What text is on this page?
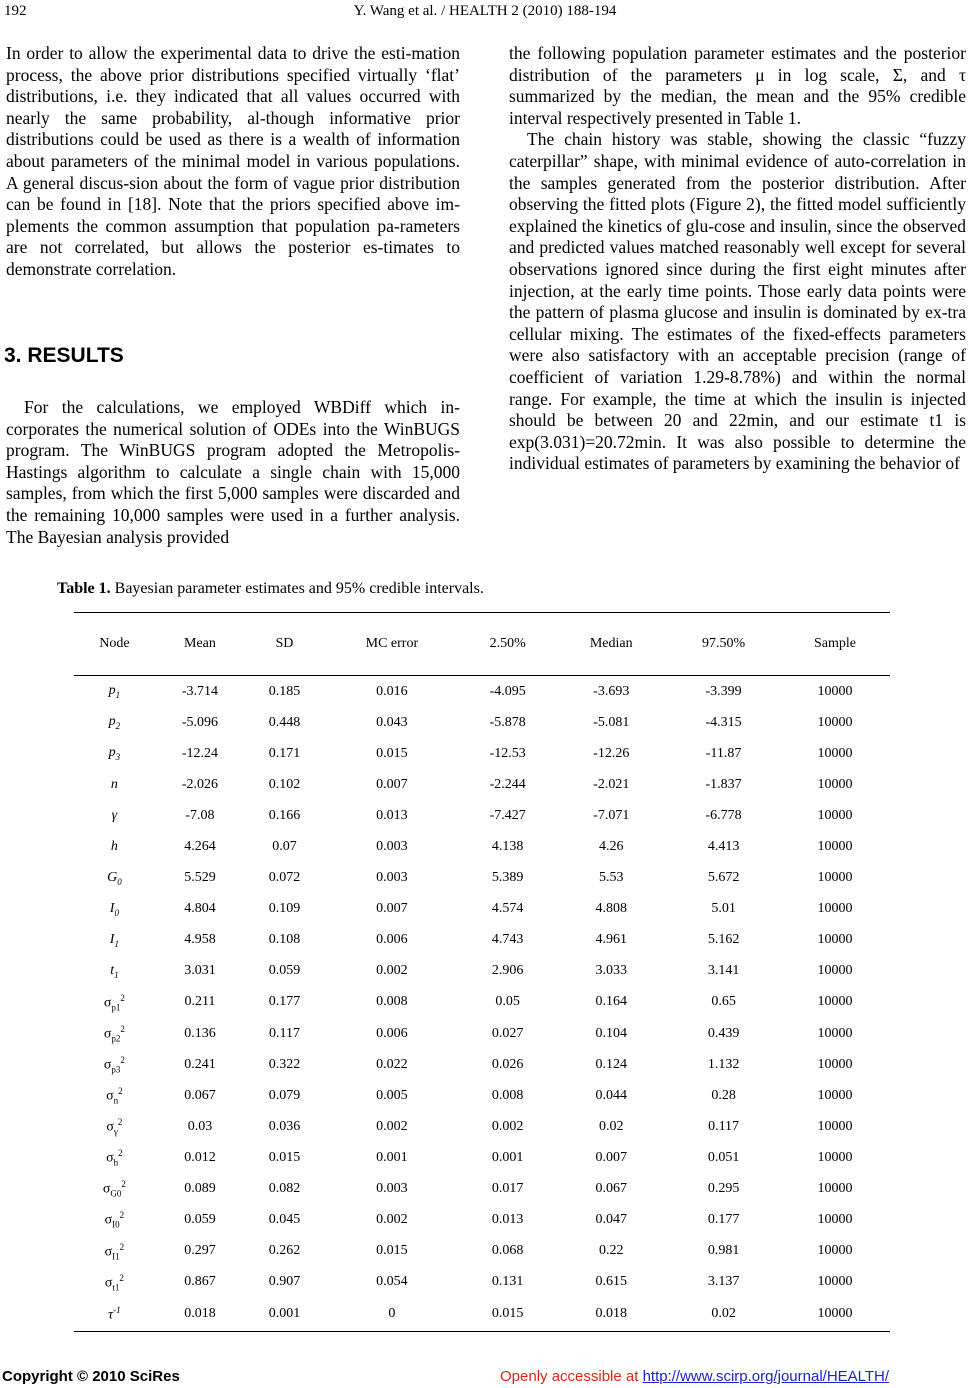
192	Y. Wang et al. / HEALTH 2 (2010) 188-194

In order to allow the experimental data to drive the esti-mation process, the above prior distributions specified virtually ‘flat’ distributions, i.e. they indicated that all values occurred with nearly the same probability, al-though informative prior distributions could be used as there is a wealth of information about parameters of the minimal model in various populations. A general discus-sion about the form of vague prior distribution can be found in [18]. Note that the priors specified above im-plements the common assumption that population pa-rameters are not correlated, but allows the posterior es-timates to demonstrate correlation.

3. RESULTS

For the calculations, we employed WBDiff which in-corporates the numerical solution of ODEs into the WinBUGS program. The WinBUGS program adopted the Metropolis-Hastings algorithm to calculate a single chain with 15,000 samples, from which the first 5,000 samples were discarded and the remaining 10,000 samples were used in a further analysis. The Bayesian analysis provided

the following population parameter estimates and the posterior distribution of the parameters μ in log scale, Σ, and τ summarized by the median, the mean and the 95% credible interval respectively presented in Table 1.

The chain history was stable, showing the classic “fuzzy caterpillar” shape, with minimal evidence of auto-correlation in the samples generated from the posterior distribution. After observing the fitted plots (Figure 2), the fitted model sufficiently explained the kinetics of glu-cose and insulin, since the observed and predicted values matched reasonably well except for several observations ignored since during the first eight minutes after injection, at the early time points. Those early data points were the pattern of plasma glucose and insulin is dominated by ex-tra cellular mixing. The estimates of the fixed-effects parameters were also satisfactory with an acceptable precision (range of coefficient of variation 1.29-8.78%) and within the normal range. For example, the time at which the insulin is injected should be between 20 and 22min, and our estimate t1 is exp(3.031)=20.72min. It was also possible to determine the individual estimates of parameters by examining the behavior of

Table 1. Bayesian parameter estimates and 95% credible intervals.
Node	Mean	SD	MC error	2.50%	Median	97.50%	Sample
$p_1$	-3.714	0.185	0.016	-4.095	-3.693	-3.399	10000
$p_2$	-5.096	0.448	0.043	-5.878	-5.081	-4.315	10000
$p_3$	-12.24	0.171	0.015	-12.53	-12.26	-11.87	10000
n	-2.026	0.102	0.007	-2.244	-2.021	-1.837	10000
γ	-7.08	0.166	0.013	-7.427	-7.071	-6.778	10000
h	4.264	0.07	0.003	4.138	4.26	4.413	10000
$G_0$	5.529	0.072	0.003	5.389	5.53	5.672	10000
$I_0$	4.804	0.109	0.007	4.574	4.808	5.01	10000
$I_1$	4.958	0.108	0.006	4.743	4.961	5.162	10000
$t_1$	3.031	0.059	0.002	2.906	3.033	3.141	10000
$\sigma_{p1}^2$	0.211	0.177	0.008	0.05	0.164	0.65	10000
$\sigma_{p2}^2$	0.136	0.117	0.006	0.027	0.104	0.439	10000
$\sigma_{p3}^2$	0.241	0.322	0.022	0.026	0.124	1.132	10000
$\sigma_n^2$	0.067	0.079	0.005	0.008	0.044	0.28	10000
$\sigma_\gamma^2$	0.03	0.036	0.002	0.002	0.02	0.117	10000
$\sigma_h^2$	0.012	0.015	0.001	0.001	0.007	0.051	10000
$\sigma_{G0}^2$	0.089	0.082	0.003	0.017	0.067	0.295	10000
$\sigma_{I0}^2$	0.059	0.045	0.002	0.013	0.047	0.177	10000
$\sigma_{I1}^2$	0.297	0.262	0.015	0.068	0.22	0.981	10000
$\sigma_{t1}^2$	0.867	0.907	0.054	0.131	0.615	3.137	10000
$\tau^{-1}$	0.018	0.001	0	0.015	0.018	0.02	10000
Copyright © 2010 SciRes	Openly accessible at http://www.scirp.org/journal/HEALTH/
